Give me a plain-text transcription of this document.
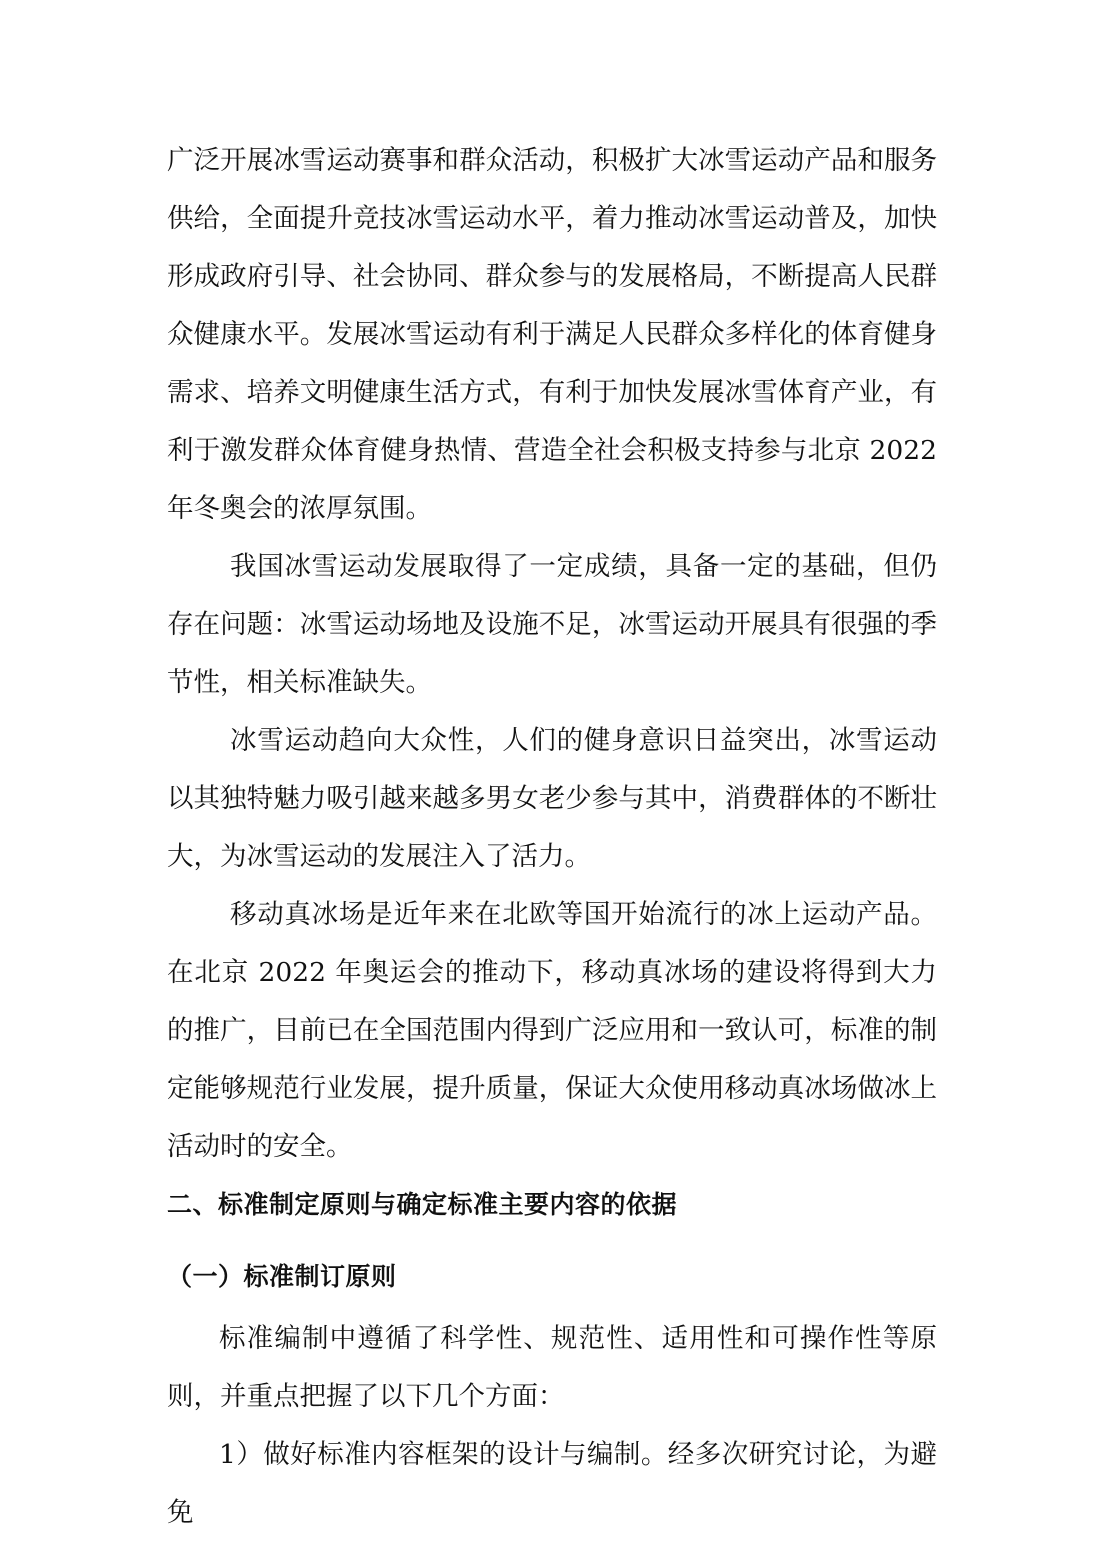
广泛开展冰雪运动赛事和群众活动，积极扩大冰雪运动产品和服务供给，全面提升竞技冰雪运动水平，着力推动冰雪运动普及，加快形成政府引导、社会协同、群众参与的发展格局，不断提高人民群众健康水平。发展冰雪运动有利于满足人民群众多样化的体育健身需求、培养文明健康生活方式，有利于加快发展冰雪体育产业，有利于激发群众体育健身热情、营造全社会积极支持参与北京 2022 年冬奥会的浓厚氛围。

我国冰雪运动发展取得了一定成绩，具备一定的基础，但仍存在问题：冰雪运动场地及设施不足，冰雪运动开展具有很强的季节性，相关标准缺失。

冰雪运动趋向大众性，人们的健身意识日益突出，冰雪运动以其独特魅力吸引越来越多男女老少参与其中，消费群体的不断壮大，为冰雪运动的发展注入了活力。

移动真冰场是近年来在北欧等国开始流行的冰上运动产品。 在北京 2022 年奥运会的推动下，移动真冰场的建设将得到大力的推广，目前已在全国范围内得到广泛应用和一致认可，标准的制定能够规范行业发展，提升质量，保证大众使用移动真冰场做冰上活动时的安全。

二、标准制定原则与确定标准主要内容的依据
（一）标准制订原则

标准编制中遵循了科学性、规范性、适用性和可操作性等原则，并重点把握了以下几个方面：

1）做好标准内容框架的设计与编制。经多次研究讨论，为避免
